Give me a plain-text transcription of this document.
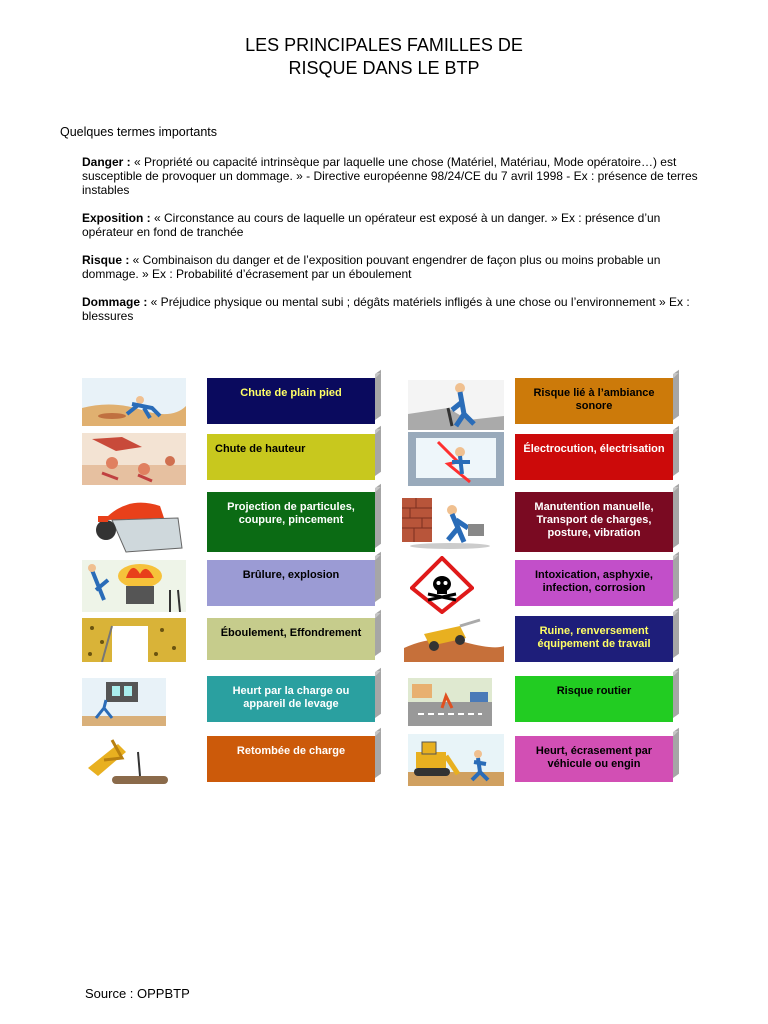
LES PRINCIPALES FAMILLES DE
RISQUE DANS LE BTP
Quelques termes importants

Danger : « Propriété ou capacité intrinsèque par laquelle une chose (Matériel, Matériau, Mode opératoire…) est susceptible de provoquer un dommage. » - Directive européenne 98/24/CE du 7 avril 1998 - Ex : présence de terres instables

Exposition : « Circonstance au cours de laquelle un opérateur est exposé à un danger. » Ex : présence d’un opérateur en fond de tranchée

Risque : « Combinaison du danger et de l’exposition pouvant engendrer de façon plus ou moins probable un dommage. » Ex : Probabilité d’écrasement par un éboulement

Dommage : « Préjudice physique ou mental subi ; dégâts matériels infligés à une chose ou l’environnement » Ex : blessures

Chute de plain pied
Chute de hauteur
Projection de particules, coupure, pincement
Brûlure, explosion
Éboulement, Effondrement
Heurt par la charge ou appareil de levage
Retombée de charge
Risque lié à l’ambiance sonore
Électrocution, électrisation
Manutention manuelle, Transport de charges, posture, vibration
Intoxication, asphyxie, infection, corrosion
Ruine, renversement équipement de travail
Risque routier
Heurt, écrasement par véhicule ou engin
Source : OPPBTP
